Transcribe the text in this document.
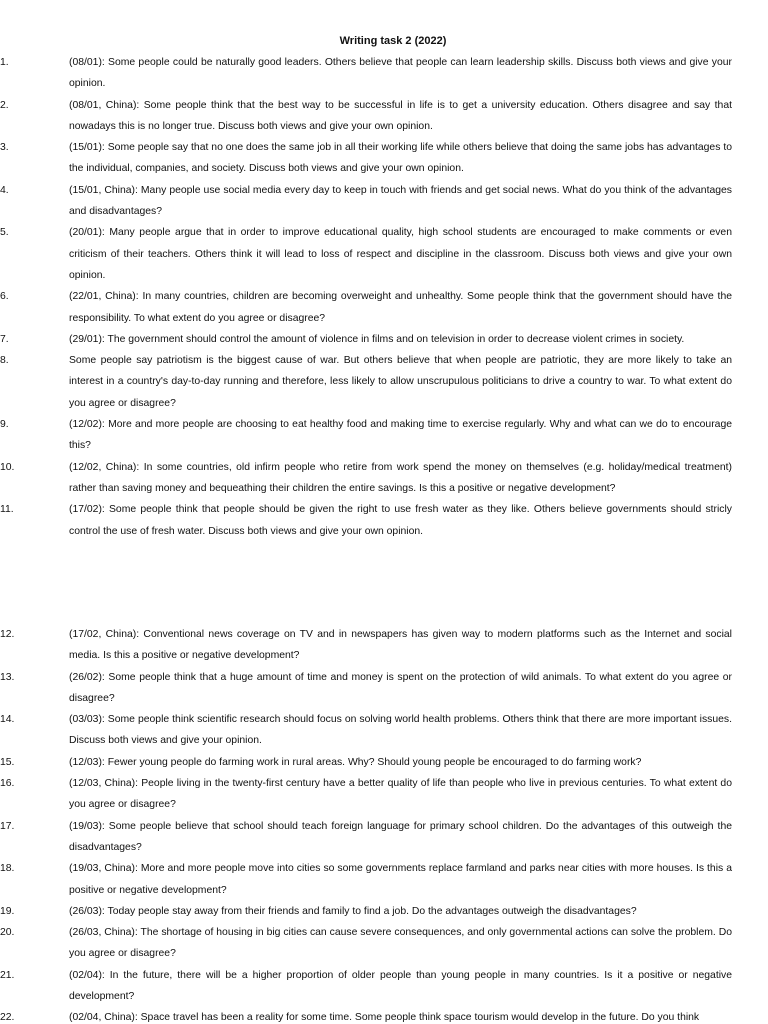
Writing task 2 (2022)
1.	(08/01): Some people could be naturally good leaders. Others believe that people can learn leadership skills. Discuss both views and give your opinion.
2.	(08/01, China): Some people think that the best way to be successful in life is to get a university education. Others disagree and say that nowadays this is no longer true. Discuss both views and give your own opinion.
3.	(15/01): Some people say that no one does the same job in all their working life while others believe that doing the same jobs has advantages to the individual, companies, and society. Discuss both views and give your own opinion.
4.	(15/01, China): Many people use social media every day to keep in touch with friends and get social news. What do you think of the advantages and disadvantages?
5.	(20/01): Many people argue that in order to improve educational quality, high school students are encouraged to make comments or even criticism of their teachers. Others think it will lead to loss of respect and discipline in the classroom. Discuss both views and give your own opinion.
6.	(22/01, China): In many countries, children are becoming overweight and unhealthy. Some people think that the government should have the responsibility. To what extent do you agree or disagree?
7.	(29/01): The government should control the amount of violence in films and on television in order to decrease violent crimes in society.
8.	Some people say patriotism is the biggest cause of war. But others believe that when people are patriotic, they are more likely to take an interest in a country's day-to-day running and therefore, less likely to allow unscrupulous politicians to drive a country to war. To what extent do you agree or disagree?
9.	(12/02): More and more people are choosing to eat healthy food and making time to exercise regularly. Why and what can we do to encourage this?
10.	(12/02, China): In some countries, old infirm people who retire from work spend the money on themselves (e.g. holiday/medical treatment) rather than saving money and bequeathing their children the entire savings. Is this a positive or negative development?
11.	(17/02): Some people think that people should be given the right to use fresh water as they like. Others believe governments should stricly control the use of fresh water. Discuss both views and give your own opinion.
12.	(17/02, China): Conventional news coverage on TV and in newspapers has given way to modern platforms such as the Internet and social media. Is this a positive or negative development?
13.	(26/02): Some people think that a huge amount of time and money is spent on the protection of wild animals. To what extent do you agree or disagree?
14.	(03/03): Some people think scientific research should focus on solving world health problems. Others think that there are more important issues. Discuss both views and give your opinion.
15.	(12/03): Fewer young people do farming work in rural areas. Why? Should young people be encouraged to do farming work?
16.	(12/03, China): People living in the twenty-first century have a better quality of life than people who live in previous centuries. To what extent do you agree or disagree?
17.	(19/03): Some people believe that school should teach foreign language for primary school children. Do the advantages of this outweigh the disadvantages?
18.	(19/03, China): More and more people move into cities so some governments replace farmland and parks near cities with more houses. Is this a positive or negative development?
19.	(26/03): Today people stay away from their friends and family to find a job. Do the advantages outweigh the disadvantages?
20.	(26/03, China): The shortage of housing in big cities can cause severe consequences, and only governmental actions can solve the problem. Do you agree or disagree?
21.	(02/04): In the future, there will be a higher proportion of older people than young people in many countries. Is it a positive or negative development?
22.	(02/04, China): Space travel has been a reality for some time. Some people think space tourism would develop in the future. Do you think
